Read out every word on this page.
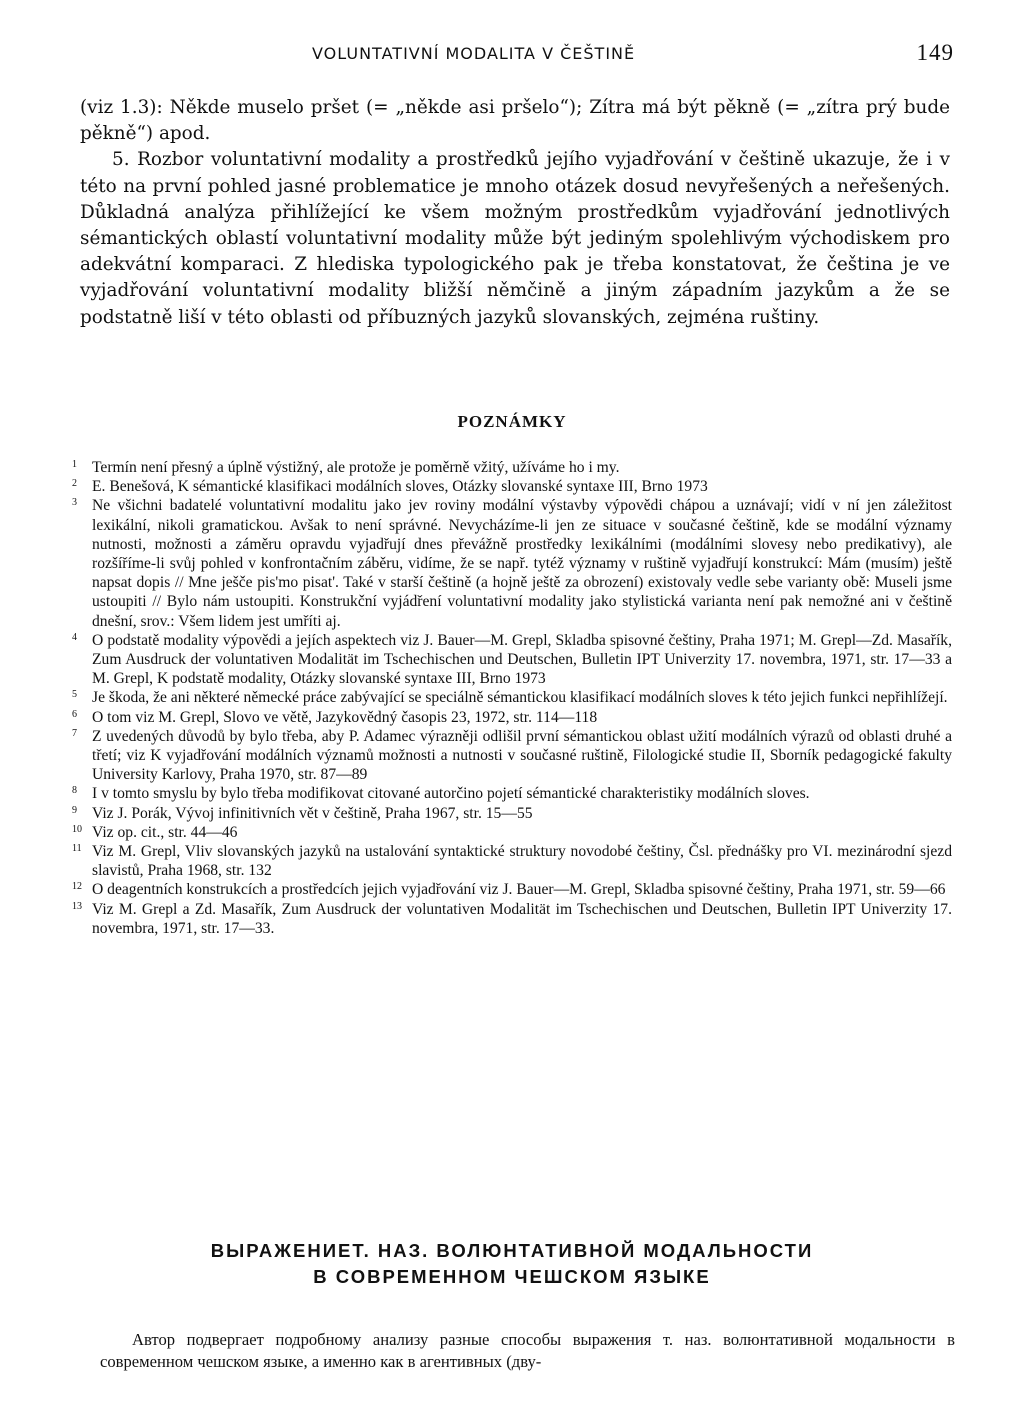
VOLUNTATIVNÍ MODALITA V ČEŠTINĚ	149

(viz 1.3): Někde muselo pršet (= „někde asi pršelo“); Zítra má být pěkně (= „zítra prý bude pěkně“) apod.

5. Rozbor voluntativní modality a prostředků jejího vyjadřování v češtině ukazuje, že i v této na první pohled jasné problematice je mnoho otázek dosud nevyřešených a neřešených. Důkladná analýza přihlížející ke všem možným prostředkům vyjadřování jednotlivých sémantických oblastí voluntativní modality může být jediným spolehlivým východiskem pro adekvátní komparaci. Z hlediska typologického pak je třeba konstatovat, že čeština je ve vyjadřování voluntativní modality bližší němčině a jiným západním jazykům a že se podstatně liší v této oblasti od příbuzných jazyků slovanských, zejména ruštiny.

POZNÁMKY
1 Termín není přesný a úplně výstižný, ale protože je poměrně vžitý, užíváme ho i my.
2 E. Benešová, K sémantické klasifikaci modálních sloves, Otázky slovanské syntaxe III, Brno 1973
3 Ne všichni badatelé voluntativní modalitu jako jev roviny modální výstavby výpovědi chápou a uznávají; vidí v ní jen záležitost lexikální, nikoli gramatickou. Avšak to není správné. Nevycházíme-li jen ze situace v současné češtině, kde se modální významy nutnosti, možnosti a záměru opravdu vyjadřují dnes převážně prostředky lexikálními (modálními slovesy nebo predikativy), ale rozšíříme-li svůj pohled v konfrontačním záběru, vidíme, že se např. tytéž významy v ruštině vyjadřují konstrukcí: Mám (musím) ještě napsat dopis // Mne ješče pis'mo pisat'. Také v starší češtině (a hojně ještě za obrození) existovaly vedle sebe varianty obě: Museli jsme ustoupiti // Bylo nám ustoupiti. Konstrukční vyjádření voluntativní modality jako stylistická varianta není pak nemožné ani v češtině dnešní, srov.: Všem lidem jest umříti aj.
4 O podstatě modality výpovědi a jejích aspektech viz J. Bauer—M. Grepl, Skladba spisovné češtiny, Praha 1971; M. Grepl—Zd. Masařík, Zum Ausdruck der voluntativen Modalität im Tschechischen und Deutschen, Bulletin IPT Univerzity 17. novembra, 1971, str. 17—33 a M. Grepl, K podstatě modality, Otázky slovanské syntaxe III, Brno 1973
5 Je škoda, že ani některé německé práce zabývající se speciálně sémantickou klasifikací modálních sloves k této jejich funkci nepřihlížejí.
6 O tom viz M. Grepl, Slovo ve větě, Jazykovědný časopis 23, 1972, str. 114—118
7 Z uvedených důvodů by bylo třeba, aby P. Adamec výrazněji odlišil první sémantickou oblast užití modálních výrazů od oblasti druhé a třetí; viz K vyjadřování modálních významů možnosti a nutnosti v současné ruštině, Filologické studie II, Sborník pedagogické fakulty University Karlovy, Praha 1970, str. 87—89
8 I v tomto smyslu by bylo třeba modifikovat citované autorčino pojetí sémantické charakteristiky modálních sloves.
9 Viz J. Porák, Vývoj infinitivních vět v češtině, Praha 1967, str. 15—55
10 Viz op. cit., str. 44—46
11 Viz M. Grepl, Vliv slovanských jazyků na ustalování syntaktické struktury novodobé češtiny, Čsl. přednášky pro VI. mezinárodní sjezd slavistů, Praha 1968, str. 132
12 O deagentních konstrukcích a prostředcích jejich vyjadřování viz J. Bauer—M. Grepl, Skladba spisovné češtiny, Praha 1971, str. 59—66
13 Viz M. Grepl a Zd. Masařík, Zum Ausdruck der voluntativen Modalität im Tschechischen und Deutschen, Bulletin IPT Univerzity 17. novembra, 1971, str. 17—33.
ВЫРАЖЕНИЕТ. НАЗ. ВОЛЮНТАТИВНОЙ МОДАЛЬНОСТИ
В СОВРЕМЕННОМ ЧЕШСКОМ ЯЗЫКЕ

Автор подвергает подробному анализу разные способы выражения т. наз. волюнтативной модальности в современном чешском языке, а именно как в агентивных (дву-
